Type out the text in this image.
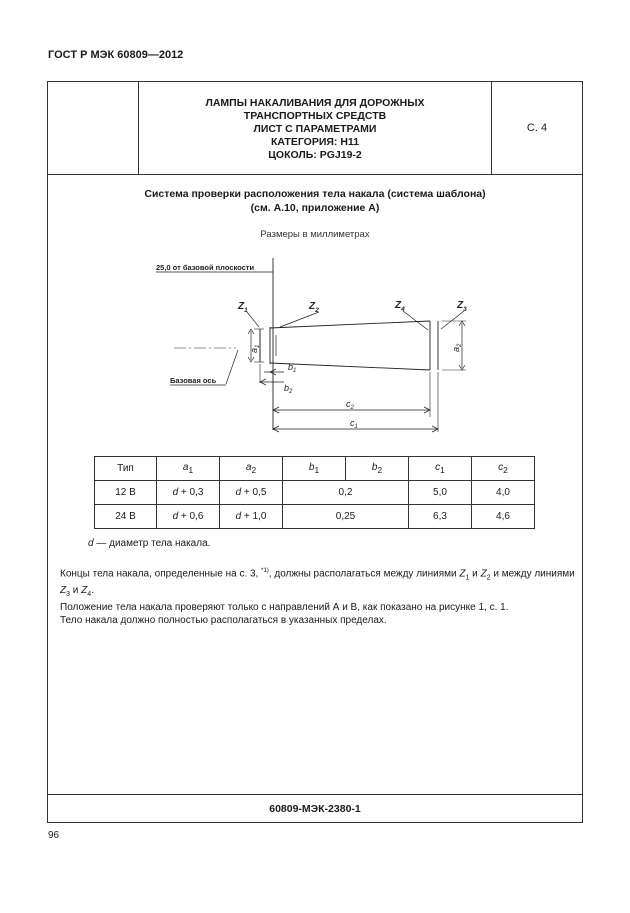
ГОСТ Р МЭК 60809—2012
ЛАМПЫ НАКАЛИВАНИЯ ДЛЯ ДОРОЖНЫХ
ТРАНСПОРТНЫХ СРЕДСТВ
ЛИСТ С ПАРАМЕТРАМИ
КАТЕГОРИЯ: H11
ЦОКОЛЬ: PGJ19-2
С. 4
Система проверки расположения тела накала (система шаблона)
(см. А.10, приложение А)
Размеры в миллиметрах
25,0 от базовой плоскости
Базовая ось
$Z_1$	$Z_2$	$Z_4$	$Z_3$
$a_1$
$a_2$
$b_1$
$b_2$
$c_2$
$c_1$
Тип	$a_1$	$a_2$	$b_1$	$b_2$	$c_1$	$c_2$
12 В	d + 0,3	d + 0,5	0,2		5,0	4,0
24 В	d + 0,6	d + 1,0	0,25		6,3	4,6
d — диаметр тела накала.

Концы тела накала, определенные на с. 3, $^{*1)}$, должны располагаться между линиями $Z_1$ и $Z_2$ и между линиями $Z_3$ и $Z_4$.

Положение тела накала проверяют только с направлений А и В, как показано на рисунке 1, с. 1.

Тело накала должно полностью располагаться в указанных пределах.

60809-МЭК-2380-1
96
